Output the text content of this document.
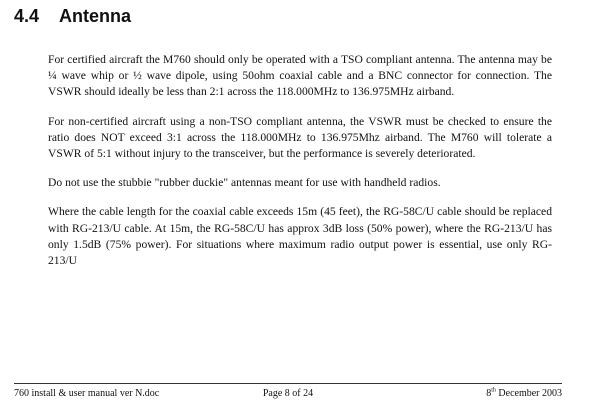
4.4 Antenna

For certified aircraft the M760 should only be operated with a TSO compliant antenna. The antenna may be ¼ wave whip or ½ wave dipole, using 50ohm coaxial cable and a BNC connector for connection. The VSWR should ideally be less than 2:1 across the 118.000MHz to 136.975MHz airband.

For non-certified aircraft using a non-TSO compliant antenna, the VSWR must be checked to ensure the ratio does NOT exceed 3:1 across the 118.000MHz to 136.975Mhz airband. The M760 will tolerate a VSWR of 5:1 without injury to the transceiver, but the performance is severely deteriorated.

Do not use the stubbie "rubber duckie" antennas meant for use with handheld radios.

Where the cable length for the coaxial cable exceeds 15m (45 feet), the RG-58C/U cable should be replaced with RG-213/U cable. At 15m, the RG-58C/U has approx 3dB loss (50% power), where the RG-213/U has only 1.5dB (75% power). For situations where maximum radio output power is essential, use only RG-213/U

760 install & user manual ver N.doc	Page 8 of 24	8th December 2003
